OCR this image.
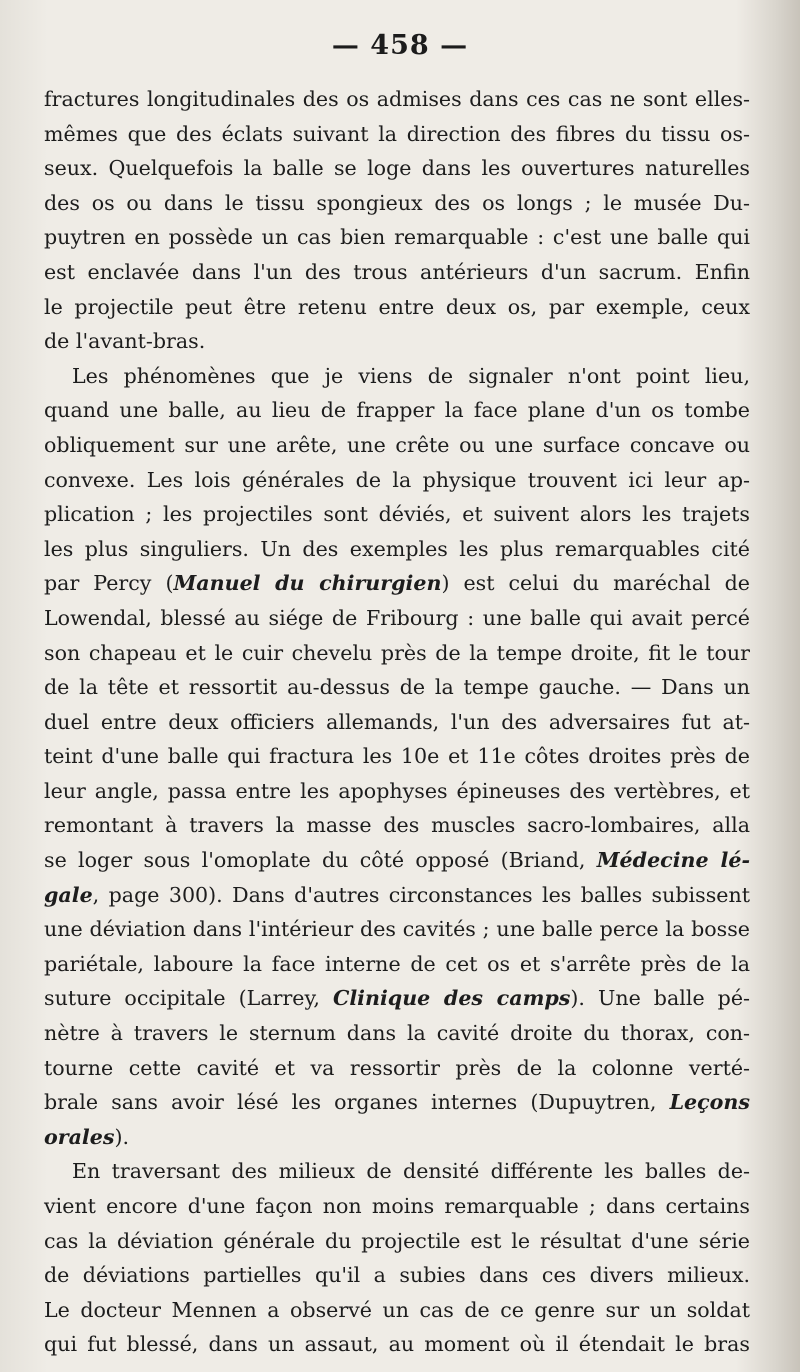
— 458 —
fractures longitudinales des os admises dans ces cas ne sont elles-
mêmes que des éclats suivant la direction des fibres du tissu os-
seux. Quelquefois la balle se loge dans les ouvertures naturelles
des os ou dans le tissu spongieux des os longs ; le musée Du-
puytren en possède un cas bien remarquable : c'est une balle qui
est enclavée dans l'un des trous antérieurs d'un sacrum. Enfin
le projectile peut être retenu entre deux os, par exemple, ceux
de l'avant-bras.
Les phénomènes que je viens de signaler n'ont point lieu,
quand une balle, au lieu de frapper la face plane d'un os tombe
obliquement sur une arête, une crête ou une surface concave ou
convexe. Les lois générales de la physique trouvent ici leur ap-
plication ; les projectiles sont déviés, et suivent alors les trajets
les plus singuliers. Un des exemples les plus remarquables cité
par Percy (Manuel du chirurgien) est celui du maréchal de
Lowendal, blessé au siége de Fribourg : une balle qui avait percé
son chapeau et le cuir chevelu près de la tempe droite, fit le tour
de la tête et ressortit au-dessus de la tempe gauche. — Dans un
duel entre deux officiers allemands, l'un des adversaires fut at-
teint d'une balle qui fractura les 10e et 11e côtes droites près de
leur angle, passa entre les apophyses épineuses des vertèbres, et
remontant à travers la masse des muscles sacro-lombaires, alla
se loger sous l'omoplate du côté opposé (Briand, Médecine lé-
gale, page 300). Dans d'autres circonstances les balles subissent
une déviation dans l'intérieur des cavités ; une balle perce la bosse
pariétale, laboure la face interne de cet os et s'arrête près de la
suture occipitale (Larrey, Clinique des camps). Une balle pé-
nètre à travers le sternum dans la cavité droite du thorax, con-
tourne cette cavité et va ressortir près de la colonne verté-
brale sans avoir lésé les organes internes (Dupuytren, Leçons
orales).
En traversant des milieux de densité différente les balles de-
vient encore d'une façon non moins remarquable ; dans certains
cas la déviation générale du projectile est le résultat d'une série
de déviations partielles qu'il a subies dans ces divers milieux.
Le docteur Mennen a observé un cas de ce genre sur un soldat
qui fut blessé, dans un assaut, au moment où il étendait le bras
